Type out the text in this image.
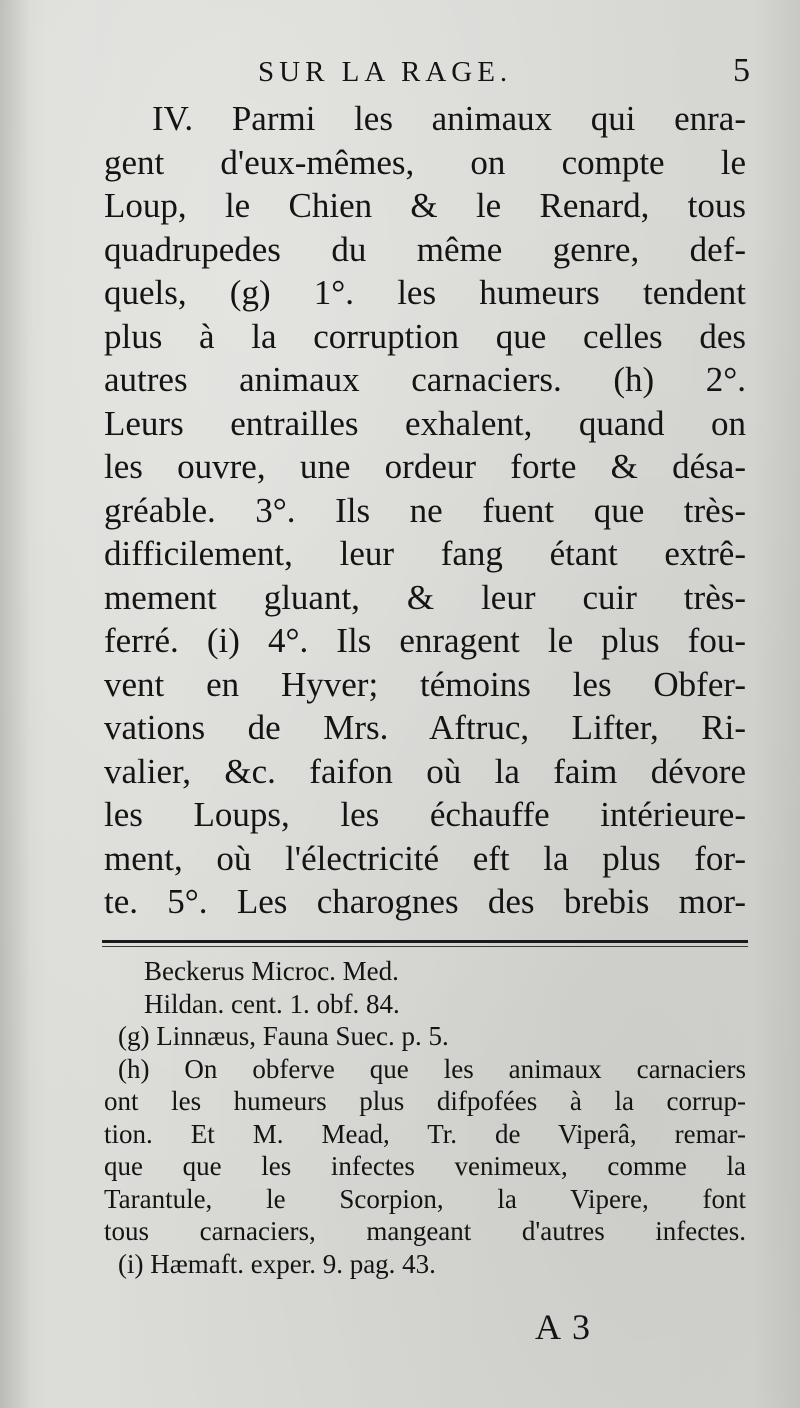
SUR LA RAGE.	5
IV. Parmi les animaux qui enra-
gent d'eux-mêmes, on compte le
Loup, le Chien & le Renard, tous
quadrupedes du même genre, def-
quels, (g) 1°. les humeurs tendent
plus à la corruption que celles des
autres animaux carnaciers. (h) 2°.
Leurs entrailles exhalent, quand on
les ouvre, une ordeur forte & désa-
gréable. 3°. Ils ne fuent que très-
difficilement, leur fang étant extrê-
mement gluant, & leur cuir très-
ferré. (i) 4°. Ils enragent le plus fou-
vent en Hyver; témoins les Obfer-
vations de Mrs. Aftruc, Lifter, Ri-
valier, &c. faifon où la faim dévore
les Loups, les échauffe intérieure-
ment, où l'électricité eft la plus for-
te. 5°. Les charognes des brebis mor-
Beckerus Microc. Med.
Hildan. cent. 1. obf. 84.
(g) Linnæus, Fauna Suec. p. 5.
(h) On obferve que les animaux carnaciers
ont les humeurs plus difpofées à la corrup-
tion. Et M. Mead, Tr. de Viperâ, remar-
que que les infectes venimeux, comme la
Tarantule, le Scorpion, la Vipere, font
tous carnaciers, mangeant d'autres infectes.
(i) Hæmaft. exper. 9. pag. 43.
A 3
